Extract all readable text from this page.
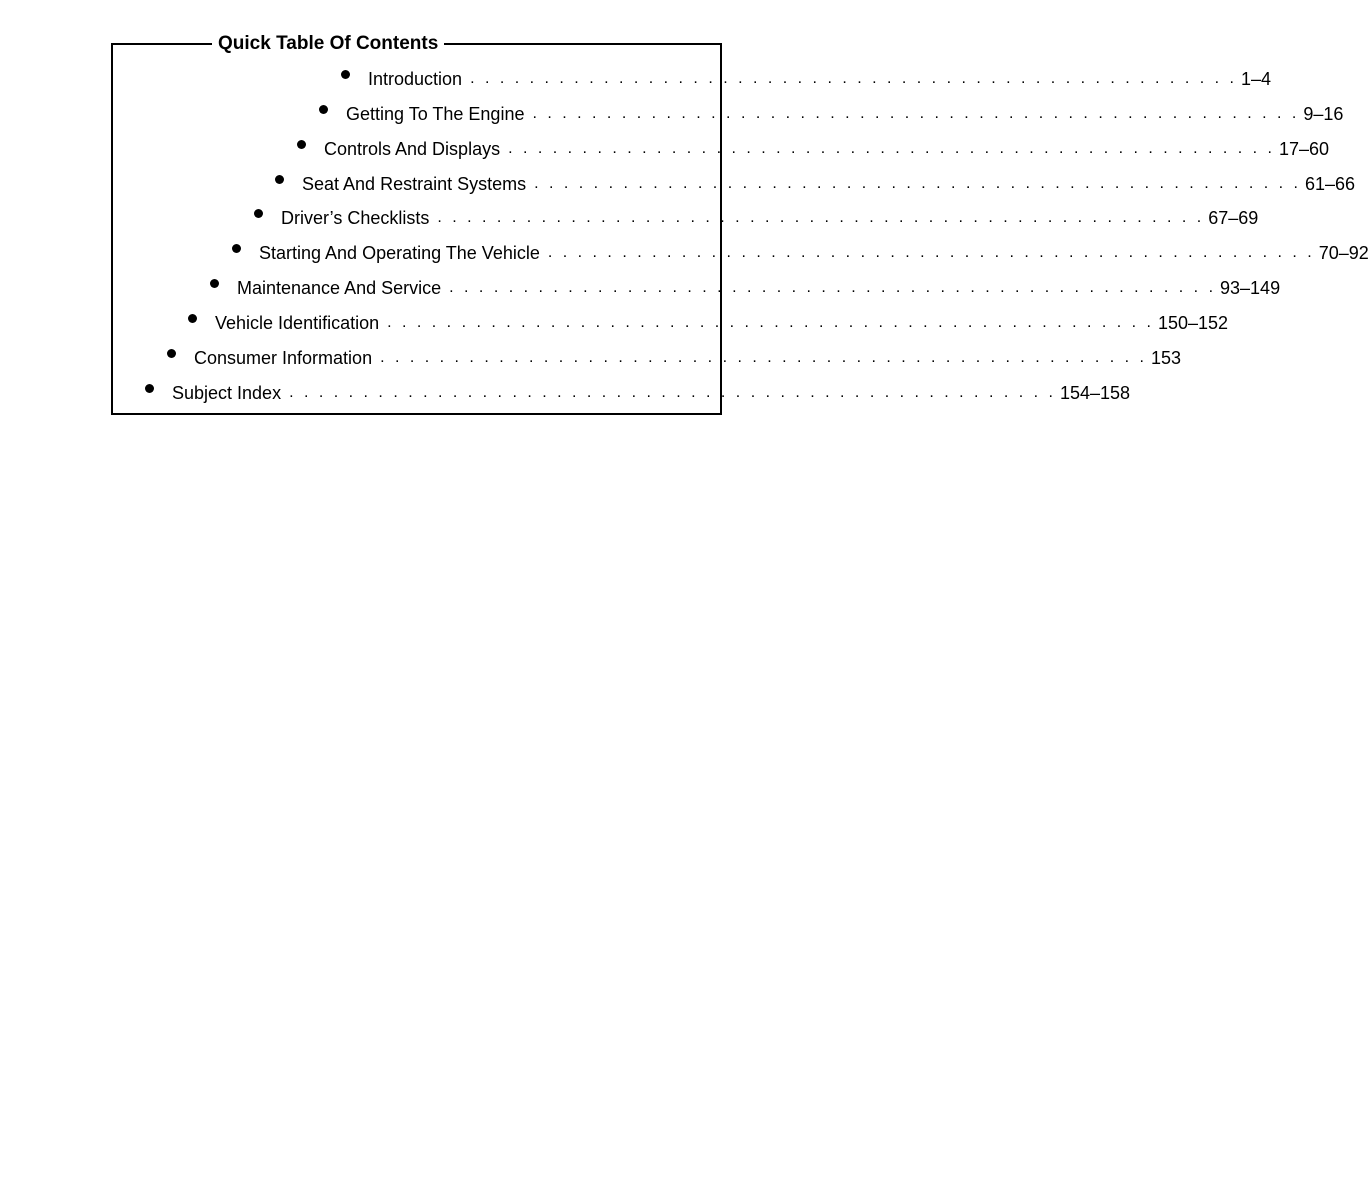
Quick Table Of Contents
Introduction . . . . . . . . . . . . . . . . . . . . . . . . . . . . . . . . . . . . . . . . . . . . . . . . . . . . 1–4
Getting To The Engine . . . . . . . . . . . . . . . . . . . . . . . . . . . . . . . . . . . . . . . . . . . . . . . . . . . . 9–16
Controls And Displays . . . . . . . . . . . . . . . . . . . . . . . . . . . . . . . . . . . . . . . . . . . . . . . . . . . . 17–60
Seat And Restraint Systems . . . . . . . . . . . . . . . . . . . . . . . . . . . . . . . . . . . . . . . . . . . . . . . . . . . . 61–66
Driver’s Checklists . . . . . . . . . . . . . . . . . . . . . . . . . . . . . . . . . . . . . . . . . . . . . . . . . . . . 67–69
Starting And Operating The Vehicle . . . . . . . . . . . . . . . . . . . . . . . . . . . . . . . . . . . . . . . . . . . . . . . . . . . . 70–92
Maintenance And Service . . . . . . . . . . . . . . . . . . . . . . . . . . . . . . . . . . . . . . . . . . . . . . . . . . . . 93–149
Vehicle Identification . . . . . . . . . . . . . . . . . . . . . . . . . . . . . . . . . . . . . . . . . . . . . . . . . . . . 150–152
Consumer Information . . . . . . . . . . . . . . . . . . . . . . . . . . . . . . . . . . . . . . . . . . . . . . . . . . . . 153
Subject Index . . . . . . . . . . . . . . . . . . . . . . . . . . . . . . . . . . . . . . . . . . . . . . . . . . . . 154–158
